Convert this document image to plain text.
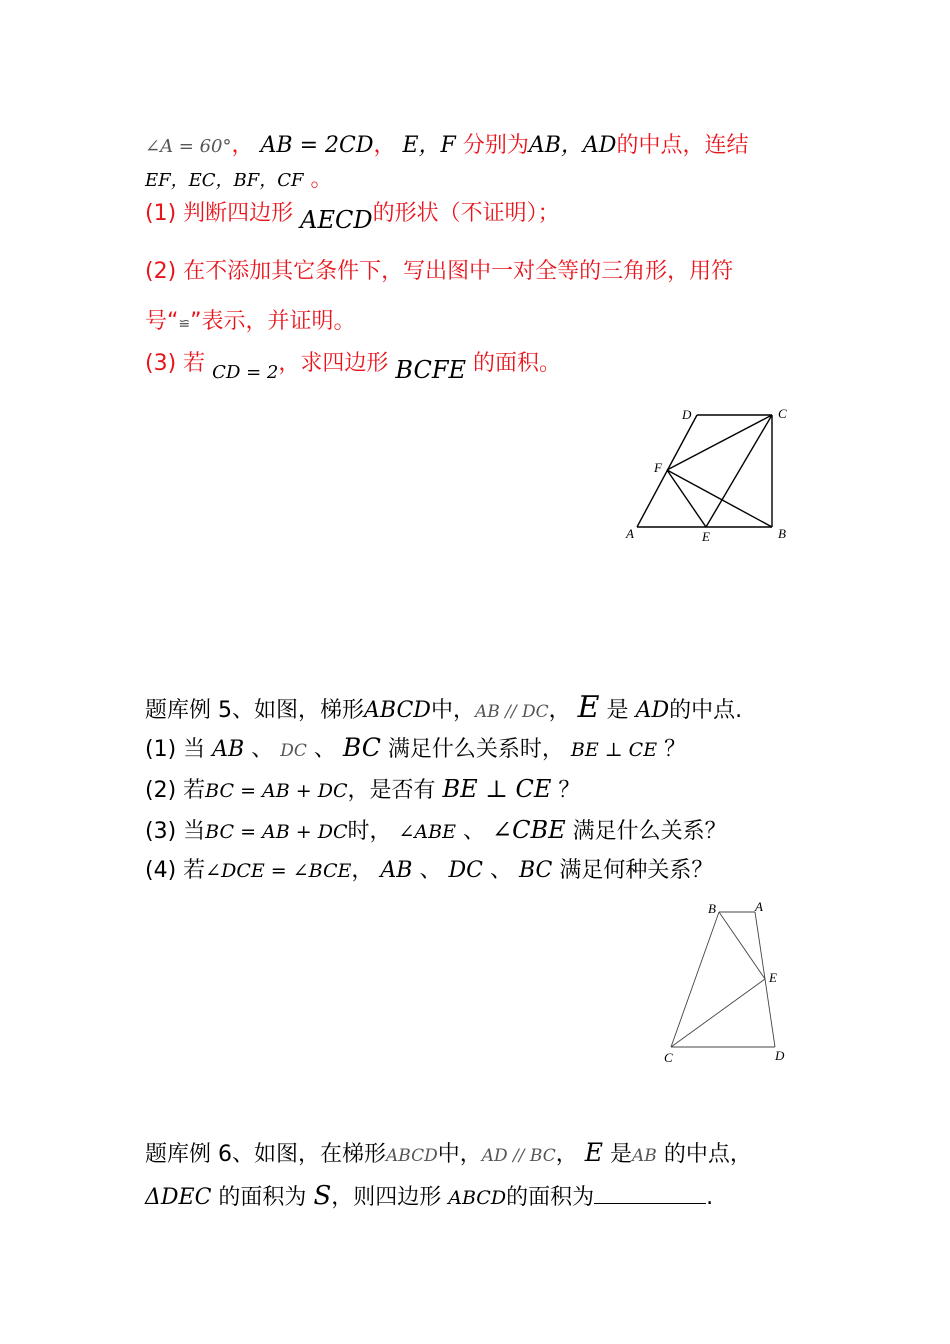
∠A = 60°， AB = 2CD， E，F 分别为AB，AD的中点，连结
EF，EC，BF，CF 。
(1) 判断四边形 AECD的形状（不证明）；
(2) 在不添加其它条件下，写出图中一对全等的三角形，用符
号“≌”表示，并证明。
(3) 若 $_{CD = 2}$，求四边形 BCFE 的面积。
D	C
F
A	E	B
题库例 5、如图，梯形ABCD中，AB // DC， E 是 AD的中点.
(1) 当 AB 、 DC 、 BC 满足什么关系时， BE ⊥ CE ？
(2) 若BC = AB + DC，是否有 BE ⊥ CE ？
(3) 当BC = AB + DC时， ∠ABE 、 ∠CBE 满足什么关系？
(4) 若∠DCE = ∠BCE， AB 、 DC 、 BC 满足何种关系？
B	A
E
C	D
题库例 6、如图，在梯形ABCD中，AD // BC， E 是AB 的中点，
ΔDEC 的面积为 S，则四边形 ABCD的面积为	.
